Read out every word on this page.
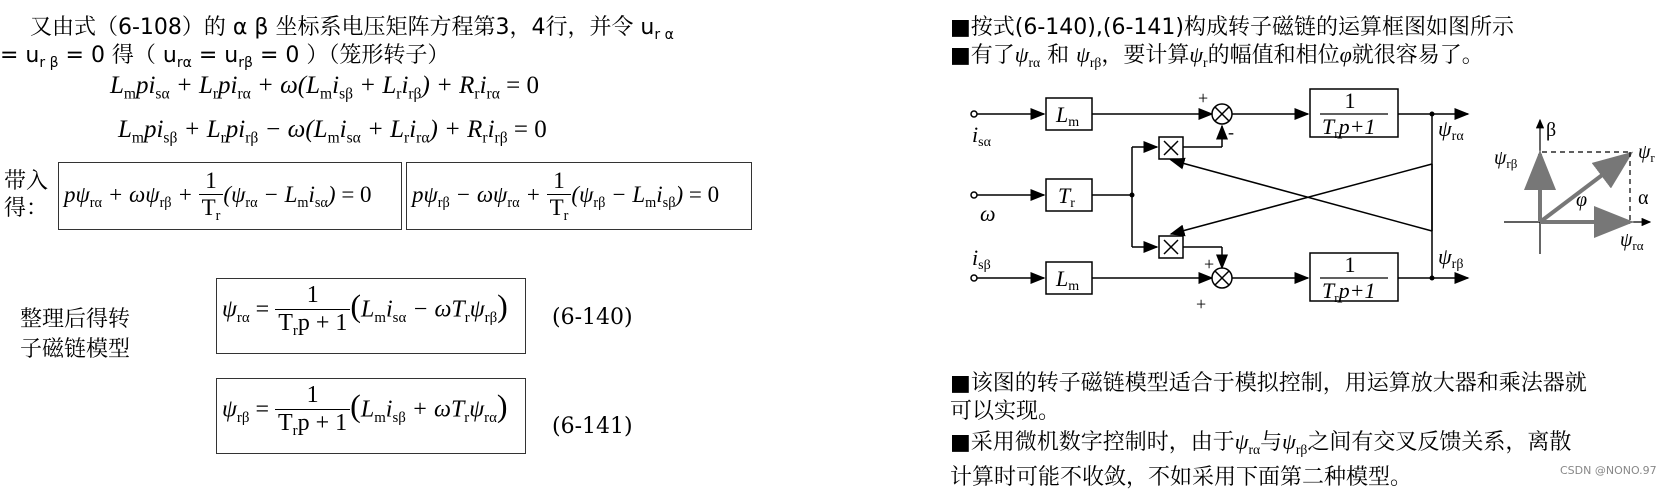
又由式（6-108）的 α β 坐标系电压矩阵方程第3，4行，并令 $u_{r \alpha}$
= $u_{r \beta} = 0$ 得（ $u_{r\alpha} = u_{r\beta} = 0$ ）（笼形转子）
$L_mpi_{s\alpha} + L_rpi_{r\alpha} + \omega(L_mi_{s\beta} + L_ri_{r\beta}) + R_ri_{r\alpha} = 0$
$L_mpi_{s\beta} + L_rpi_{r\beta} - \omega(L_mi_{s\alpha} + L_ri_{r\alpha}) + R_ri_{r\beta} = 0$
带入
得：
$p\psi_{r\alpha} + \omega\psi_{r\beta} + \frac{1}{T_r} (\psi_{r\alpha} - L_mi_{s\alpha}) = 0$ $p\psi_{r\beta} - \omega\psi_{r\alpha} + \frac{1}{T_r} (\psi_{r\beta} - L_mi_{s\beta}) = 0$
整理后得转
子磁链模型
$\psi_{r\alpha} = \frac{1}{T_rp + 1} (L_mi_{s\alpha} - \omega T_r\psi_{r\beta})$ (6-140)
$\psi_{r\beta} = \frac{1}{T_rp + 1} (L_mi_{s\beta} + \omega T_r\psi_{r\alpha})$
(6-141)
■按式(6-140),(6-141)构成转子磁链的运算框图如图所示
■有了$\psi_{r\alpha}$ 和 $\psi_{r\beta}$，要计算$\psi_r$的幅值和相位φ就很容易了。
Lm
Tr
Lm
1
Trp+1
1
Trp+1
isα
ω
isβ
ψrα
ψrβ
+
-
+
+
β
α
$\psi_r$
$\psi_{r\beta}$
$\psi_{r\alpha}$
φ
■该图的转子磁链模型适合于模拟控制，用运算放大器和乘法器就
可以实现。
■采用微机数字控制时，由于$\psi_{r\alpha}$与$\psi_{r\beta}$之间有交叉反馈关系，离散
计算时可能不收敛，不如采用下面第二种模型。	CSDN @NONO.97
